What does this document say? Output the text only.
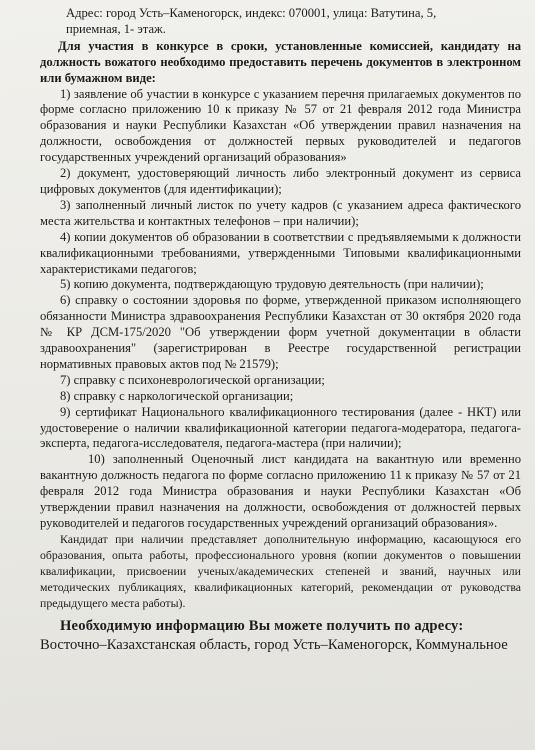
Адрес: город Усть–Каменогорск, индекс: 070001, улица: Ватутина, 5,

приемная, 1- этаж.

Для участия в конкурсе в сроки, установленные комиссией, кандидату на должность вожатого необходимо предоставить перечень документов в электронном или бумажном виде:

1) заявление об участии в конкурсе с указанием перечня прилагаемых документов по форме согласно приложению 10 к приказу № 57 от 21 февраля 2012 года Министра образования и науки Республики Казахстан «Об утверждении правил назначения на должности, освобождения от должностей первых руководителей и педагогов государственных учреждений организаций образования»

2) документ, удостоверяющий личность либо электронный документ из сервиса цифровых документов (для идентификации);

3) заполненный личный листок по учету кадров (с указанием адреса фактического места жительства и контактных телефонов – при наличии);

4) копии документов об образовании в соответствии с предъявляемыми к должности квалификационными требованиями, утвержденными Типовыми квалификационными характеристиками педагогов;

5) копию документа, подтверждающую трудовую деятельность (при наличии);

6) справку о состоянии здоровья по форме, утвержденной приказом исполняющего обязанности Министра здравоохранения Республики Казахстан от 30 октября 2020 года № КР ДСМ-175/2020 "Об утверждении форм учетной документации в области здравоохранения" (зарегистрирован в Реестре государственной регистрации нормативных правовых актов под № 21579);

7) справку с психоневрологической организации;

8) справку с наркологической организации;

9) сертификат Национального квалификационного тестирования (далее - НКТ) или удостоверение о наличии квалификационной категории педагога-модератора, педагога-эксперта, педагога-исследователя, педагога-мастера (при наличии);

10) заполненный Оценочный лист кандидата на вакантную или временно вакантную должность педагога по форме согласно приложению 11 к приказу № 57 от 21 февраля 2012 года Министра образования и науки Республики Казахстан «Об утверждении правил назначения на должности, освобождения от должностей первых руководителей и педагогов государственных учреждений организаций образования».

Кандидат при наличии представляет дополнительную информацию, касающуюся его образования, опыта работы, профессионального уровня (копии документов о повышении квалификации, присвоении ученых/академических степеней и званий, научных или методических публикациях, квалификационных категорий, рекомендации от руководства предыдущего места работы).

Необходимую информацию Вы можете получить по адресу:

Восточно–Казахстанская область, город Усть–Каменогорск, Коммунальное
